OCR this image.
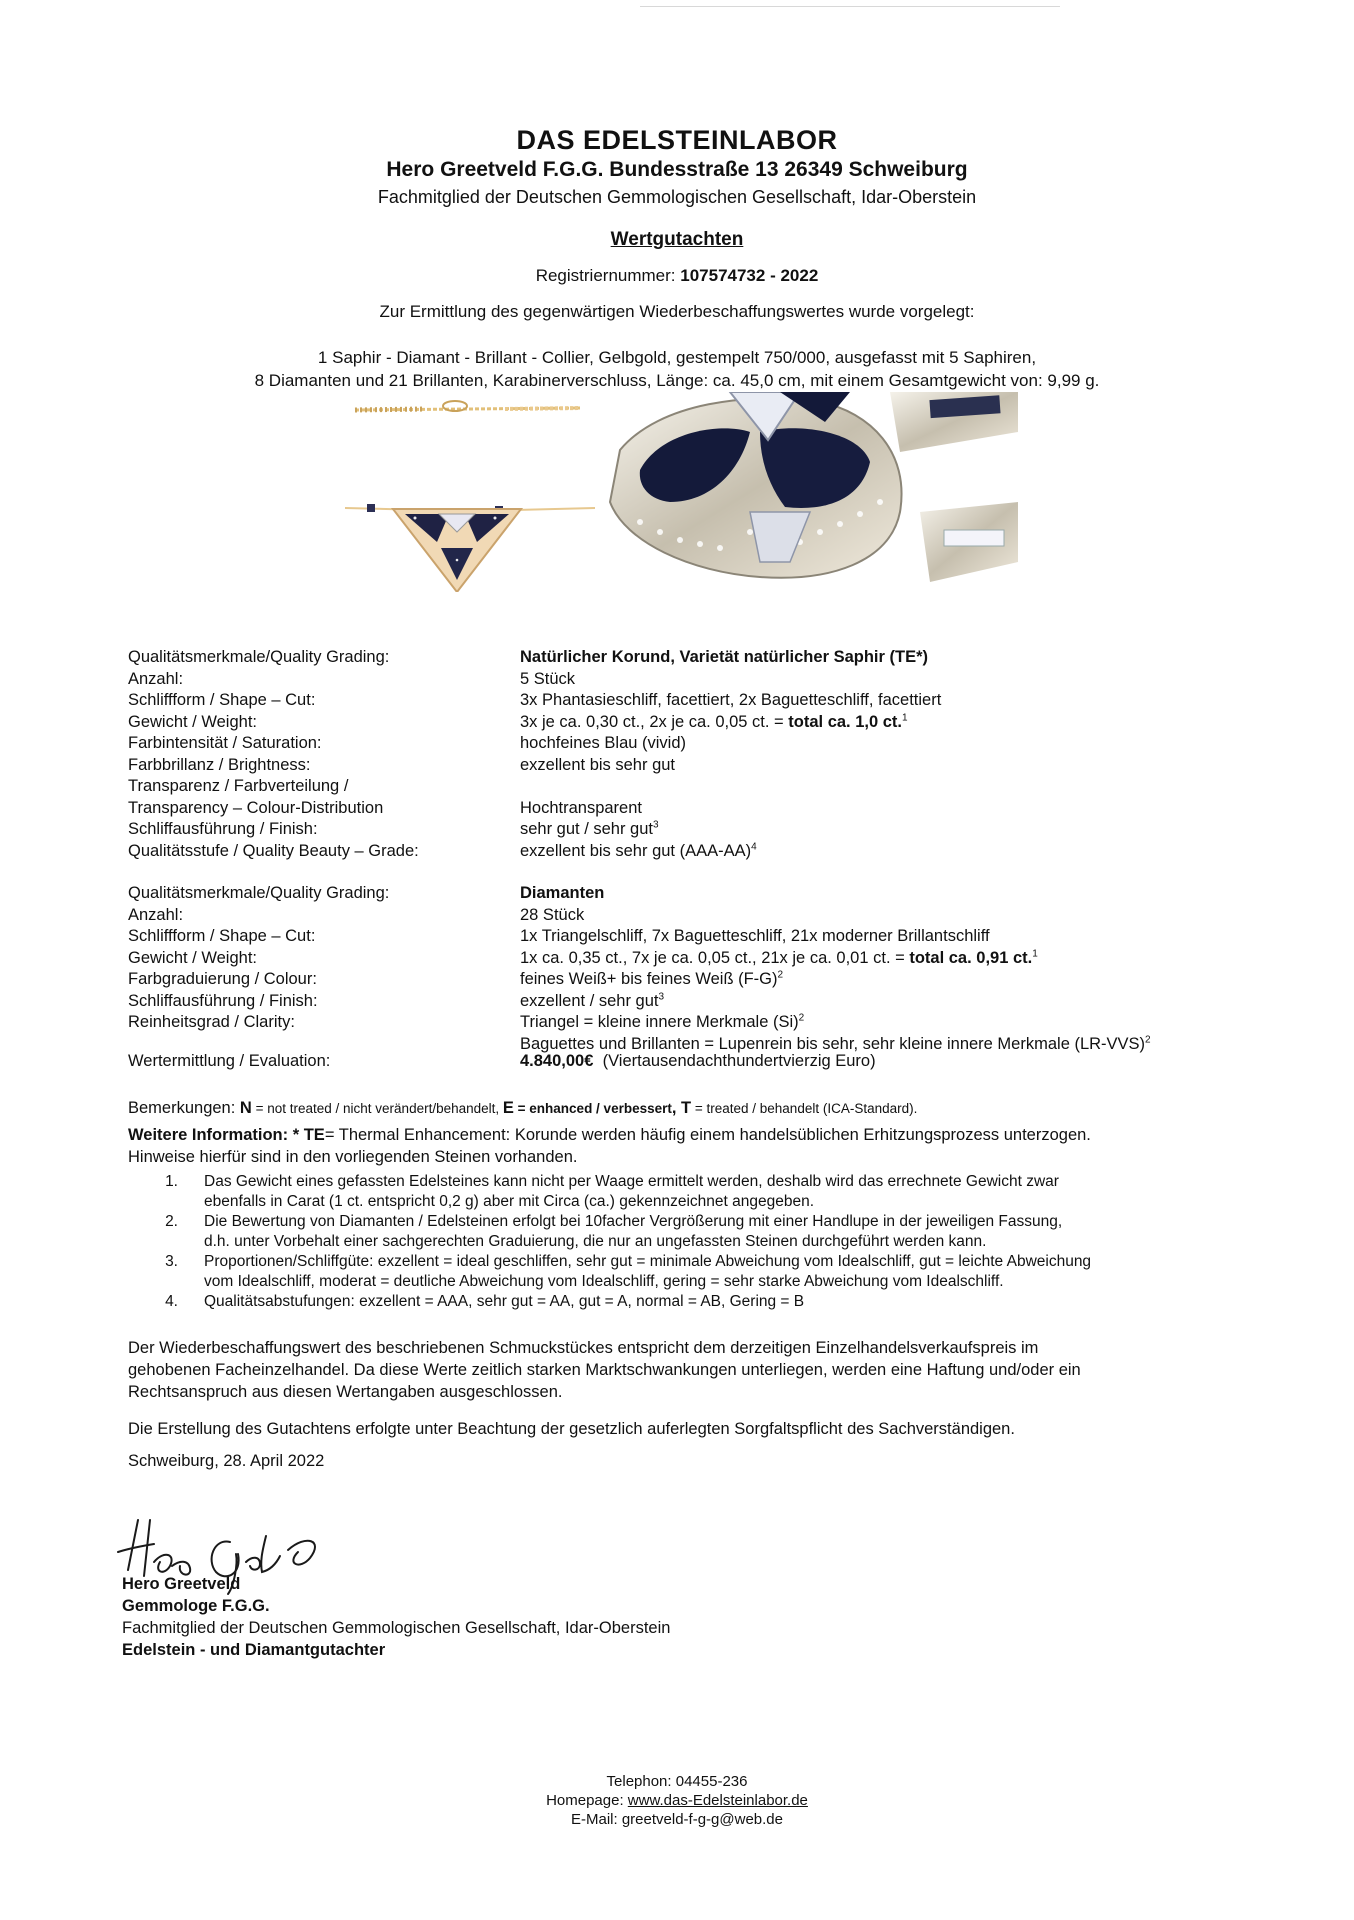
DAS EDELSTEINLABOR
Hero Greetveld F.G.G. Bundesstraße 13 26349 Schweiburg
Fachmitglied der Deutschen Gemmologischen Gesellschaft, Idar-Oberstein
Wertgutachten
Registriernummer: 107574732 - 2022
Zur Ermittlung des gegenwärtigen Wiederbeschaffungswertes wurde vorgelegt:
1 Saphir - Diamant - Brillant - Collier, Gelbgold, gestempelt 750/000, ausgefasst mit 5 Saphiren,
8 Diamanten und 21 Brillanten, Karabinerverschluss, Länge: ca. 45,0 cm, mit einem Gesamtgewicht von: 9,99 g.
Qualitätsmerkmale/Quality Grading:	Natürlicher Korund, Varietät natürlicher Saphir (TE*)
Anzahl:	5 Stück
Schliffform / Shape – Cut:	3x Phantasieschliff, facettiert, 2x Baguetteschliff, facettiert
Gewicht / Weight:	3x je ca. 0,30 ct., 2x je ca. 0,05 ct. = total ca. 1,0 ct.$^1$
Farbintensität / Saturation:	hochfeines Blau (vivid)
Farbbrillanz / Brightness:	exzellent bis sehr gut
Transparenz / Farbverteilung /
Transparency – Colour-Distribution	Hochtransparent
Schliffausführung / Finish:	sehr gut / sehr gut$^3$
Qualitätsstufe / Quality Beauty – Grade:	exzellent bis sehr gut $(AAA-AA)^4$
Qualitätsmerkmale/Quality Grading:	Diamanten
Anzahl:	28 Stück
Schliffform / Shape – Cut:	1x Triangelschliff, 7x Baguetteschliff, 21x moderner Brillantschliff
Gewicht / Weight:	1x ca. 0,35 ct., 7x je ca. 0,05 ct., 21x je ca. 0,01 ct. = total ca. 0,91 ct.$^1$
Farbgraduierung / Colour:	feines Weiß+ bis feines Weiß $(F-G)^2$
Schliffausführung / Finish:	exzellent / sehr gut$^3$
Reinheitsgrad / Clarity:	Triangel = kleine innere Merkmale $(Si)^2$
Baguettes und Brillanten = Lupenrein bis sehr, sehr kleine innere Merkmale $(LR-VVS)^2$
Wertermittlung / Evaluation:	4.840,00€ (Viertausendachthundertvierzig Euro)
Bemerkungen: N = not treated / nicht verändert/behandelt, E = enhanced / verbessert, T = treated / behandelt (ICA-Standard).
Weitere Information: * TE= Thermal Enhancement: Korunde werden häufig einem handelsüblichen Erhitzungsprozess unterzogen.
Hinweise hierfür sind in den vorliegenden Steinen vorhanden.
1.	Das Gewicht eines gefassten Edelsteines kann nicht per Waage ermittelt werden, deshalb wird das errechnete Gewicht zwar
ebenfalls in Carat (1 ct. entspricht 0,2 g) aber mit Circa (ca.) gekennzeichnet angegeben.
2.	Die Bewertung von Diamanten / Edelsteinen erfolgt bei 10facher Vergrößerung mit einer Handlupe in der jeweiligen Fassung,
d.h. unter Vorbehalt einer sachgerechten Graduierung, die nur an ungefassten Steinen durchgeführt werden kann.
3.	Proportionen/Schliffgüte: exzellent = ideal geschliffen, sehr gut = minimale Abweichung vom Idealschliff, gut = leichte Abweichung
vom Idealschliff, moderat = deutliche Abweichung vom Idealschliff, gering = sehr starke Abweichung vom Idealschliff.
4.	Qualitätsabstufungen: exzellent = AAA, sehr gut = AA, gut = A, normal = AB, Gering = B
Der Wiederbeschaffungswert des beschriebenen Schmuckstückes entspricht dem derzeitigen Einzelhandelsverkaufspreis im
gehobenen Facheinzelhandel. Da diese Werte zeitlich starken Marktschwankungen unterliegen, werden eine Haftung und/oder ein
Rechtsanspruch aus diesen Wertangaben ausgeschlossen.
Die Erstellung des Gutachtens erfolgte unter Beachtung der gesetzlich auferlegten Sorgfaltspflicht des Sachverständigen.
Schweiburg, 28. April 2022
Hero Greetveld
Gemmologe F.G.G.
Fachmitglied der Deutschen Gemmologischen Gesellschaft, Idar-Oberstein
Edelstein - und Diamantgutachter
Telephon: 04455-236
Homepage: www.das-Edelsteinlabor.de
E-Mail: greetveld-f-g-g@web.de
